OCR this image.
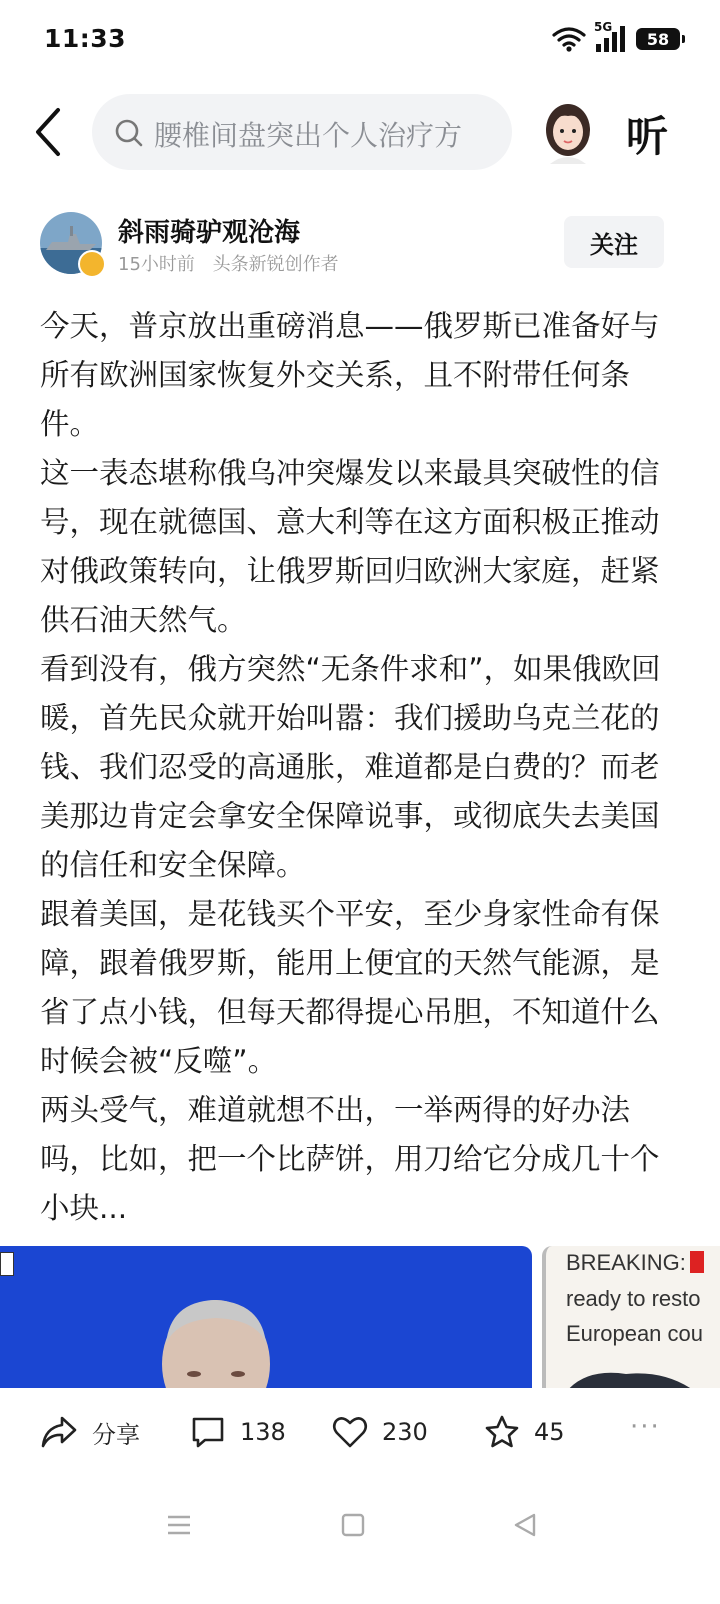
11:33	5G
58
腰椎间盘突出个人治疗方	听
斜雨骑驴观沧海
15小时前 头条新锐创作者
关注

今天，普京放出重磅消息——俄罗斯已准备好与所有欧洲国家恢复外交关系，且不附带任何条件。

这一表态堪称俄乌冲突爆发以来最具突破性的信号，现在就德国、意大利等在这方面积极正推动对俄政策转向，让俄罗斯回归欧洲大家庭，赶紧供石油天然气。

看到没有，俄方突然“无条件求和”，如果俄欧回暖，首先民众就开始叫嚣：我们援助乌克兰花的钱、我们忍受的高通胀，难道都是白费的？而老美那边肯定会拿安全保障说事，或彻底失去美国的信任和安全保障。

跟着美国，是花钱买个平安，至少身家性命有保障，跟着俄罗斯，能用上便宜的天然气能源，是省了点小钱，但每天都得提心吊胆，不知道什么时候会被“反噬”。

两头受气，难道就想不出，一举两得的好办法吗，比如，把一个比萨饼，用刀给它分成几十个小块...

BREAKING:
ready to resto
European cou
分享	138	230	45	···
